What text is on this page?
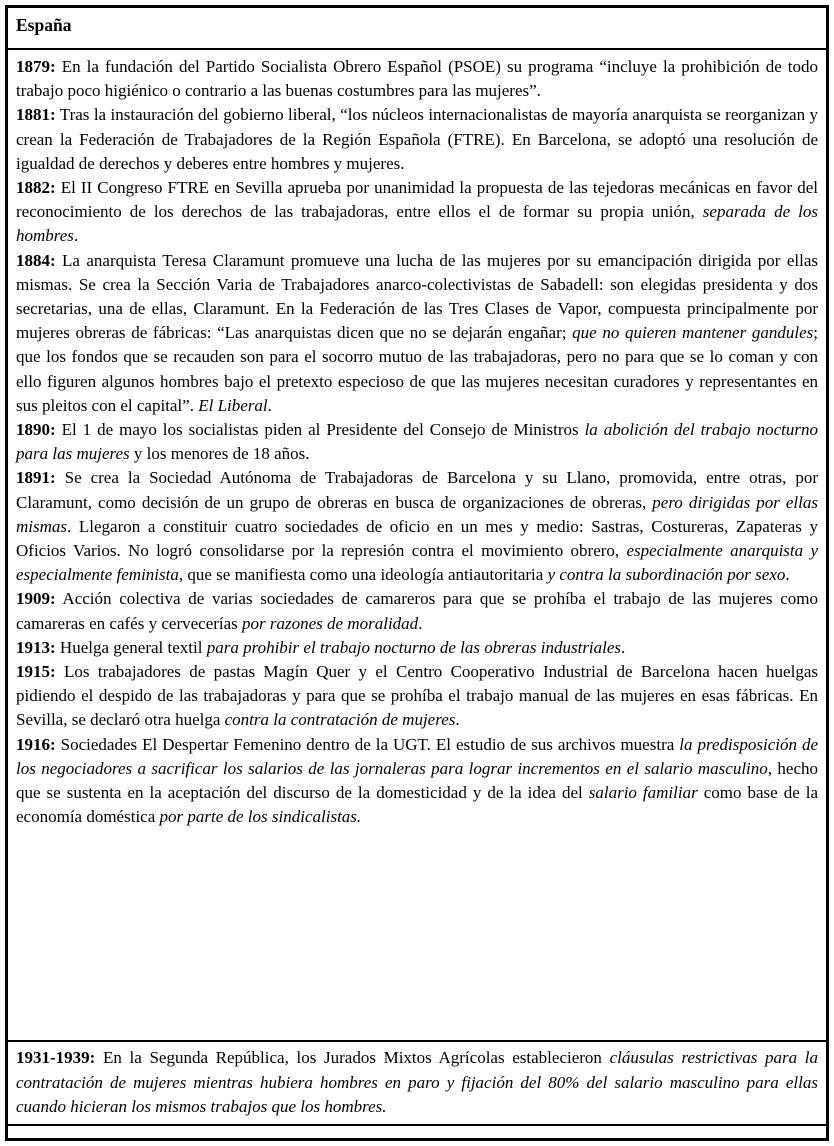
España

1879: En la fundación del Partido Socialista Obrero Español (PSOE) su programa “incluye la prohibición de todo trabajo poco higiénico o contrario a las buenas costumbres para las mujeres”.

1881: Tras la instauración del gobierno liberal, “los núcleos internacionalistas de mayoría anarquista se reorganizan y crean la Federación de Trabajadores de la Región Española (FTRE). En Barcelona, se adoptó una resolución de igualdad de derechos y deberes entre hombres y mujeres.

1882: El II Congreso FTRE en Sevilla aprueba por unanimidad la propuesta de las tejedoras mecánicas en favor del reconocimiento de los derechos de las trabajadoras, entre ellos el de formar su propia unión, separada de los hombres.

1884: La anarquista Teresa Claramunt promueve una lucha de las mujeres por su emancipación dirigida por ellas mismas. Se crea la Sección Varia de Trabajadores anarco-colectivistas de Sabadell: son elegidas presidenta y dos secretarias, una de ellas, Claramunt. En la Federación de las Tres Clases de Vapor, compuesta principalmente por mujeres obreras de fábricas: “Las anarquistas dicen que no se dejarán engañar; que no quieren mantener gandules; que los fondos que se recauden son para el socorro mutuo de las trabajadoras, pero no para que se lo coman y con ello figuren algunos hombres bajo el pretexto especioso de que las mujeres necesitan curadores y representantes en sus pleitos con el capital”. El Liberal.

1890: El 1 de mayo los socialistas piden al Presidente del Consejo de Ministros la abolición del trabajo nocturno para las mujeres y los menores de 18 años.

1891: Se crea la Sociedad Autónoma de Trabajadoras de Barcelona y su Llano, promovida, entre otras, por Claramunt, como decisión de un grupo de obreras en busca de organizaciones de obreras, pero dirigidas por ellas mismas. Llegaron a constituir cuatro sociedades de oficio en un mes y medio: Sastras, Costureras, Zapateras y Oficios Varios. No logró consolidarse por la represión contra el movimiento obrero, especialmente anarquista y especialmente feminista, que se manifiesta como una ideología antiautoritaria y contra la subordinación por sexo.

1909: Acción colectiva de varias sociedades de camareros para que se prohíba el trabajo de las mujeres como camareras en cafés y cervecerías por razones de moralidad.

1913: Huelga general textil para prohibir el trabajo nocturno de las obreras industriales.

1915: Los trabajadores de pastas Magín Quer y el Centro Cooperativo Industrial de Barcelona hacen huelgas pidiendo el despido de las trabajadoras y para que se prohíba el trabajo manual de las mujeres en esas fábricas. En Sevilla, se declaró otra huelga contra la contratación de mujeres.

1916: Sociedades El Despertar Femenino dentro de la UGT. El estudio de sus archivos muestra la predisposición de los negociadores a sacrificar los salarios de las jornaleras para lograr incrementos en el salario masculino, hecho que se sustenta en la aceptación del discurso de la domesticidad y de la idea del salario familiar como base de la economía doméstica por parte de los sindicalistas.

1931-1939: En la Segunda República, los Jurados Mixtos Agrícolas establecieron cláusulas restrictivas para la contratación de mujeres mientras hubiera hombres en paro y fijación del 80% del salario masculino para ellas cuando hicieran los mismos trabajos que los hombres.
